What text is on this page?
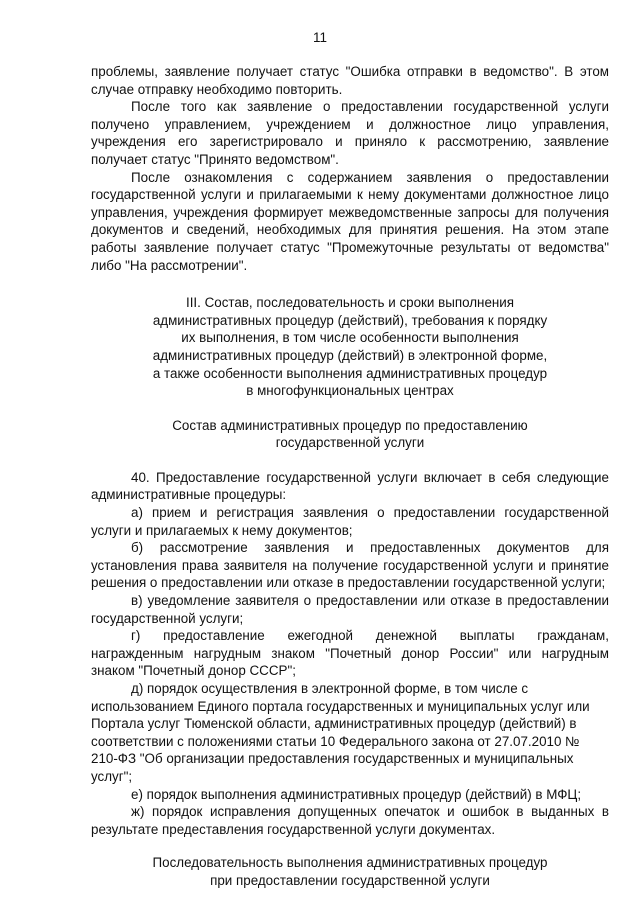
11

проблемы, заявление получает статус "Ошибка отправки в ведомство". В этом случае отправку необходимо повторить.

После того как заявление о предоставлении государственной услуги получено управлением, учреждением и должностное лицо управления, учреждения его зарегистрировало и приняло к рассмотрению, заявление получает статус "Принято ведомством".

После ознакомления с содержанием заявления о предоставлении государственной услуги и прилагаемыми к нему документами должностное лицо управления, учреждения формирует межведомственные запросы для получения документов и сведений, необходимых для принятия решения. На этом этапе работы заявление получает статус "Промежуточные результаты от ведомства" либо "На рассмотрении".

III. Состав, последовательность и сроки выполнения

административных процедур (действий), требования к порядку

их выполнения, в том числе особенности выполнения

административных процедур (действий) в электронной форме,

а также особенности выполнения административных процедур

в многофункциональных центрах

Состав административных процедур по предоставлению

государственной услуги

40. Предоставление государственной услуги включает в себя следующие административные процедуры:

а) прием и регистрация заявления о предоставлении государственной услуги и прилагаемых к нему документов;

б) рассмотрение заявления и предоставленных документов для установления права заявителя на получение государственной услуги и принятие решения о предоставлении или отказе в предоставлении государственной услуги;

в) уведомление заявителя о предоставлении или отказе в предоставлении государственной услуги;

г) предоставление ежегодной денежной выплаты гражданам, награжденным нагрудным знаком "Почетный донор России" или нагрудным знаком "Почетный донор СССР";

д) порядок осуществления в электронной форме, в том числе с использованием Единого портала государственных и муниципальных услуг или Портала услуг Тюменской области, административных процедур (действий) в соответствии с положениями статьи 10 Федерального закона от 27.07.2010 № 210-ФЗ "Об организации предоставления государственных и муниципальных услуг";

е) порядок выполнения административных процедур (действий) в МФЦ;

ж) порядок исправления допущенных опечаток и ошибок в выданных в результате предеставления государственной услуги документах.

Последовательность выполнения административных процедур

при предоставлении государственной услуги
